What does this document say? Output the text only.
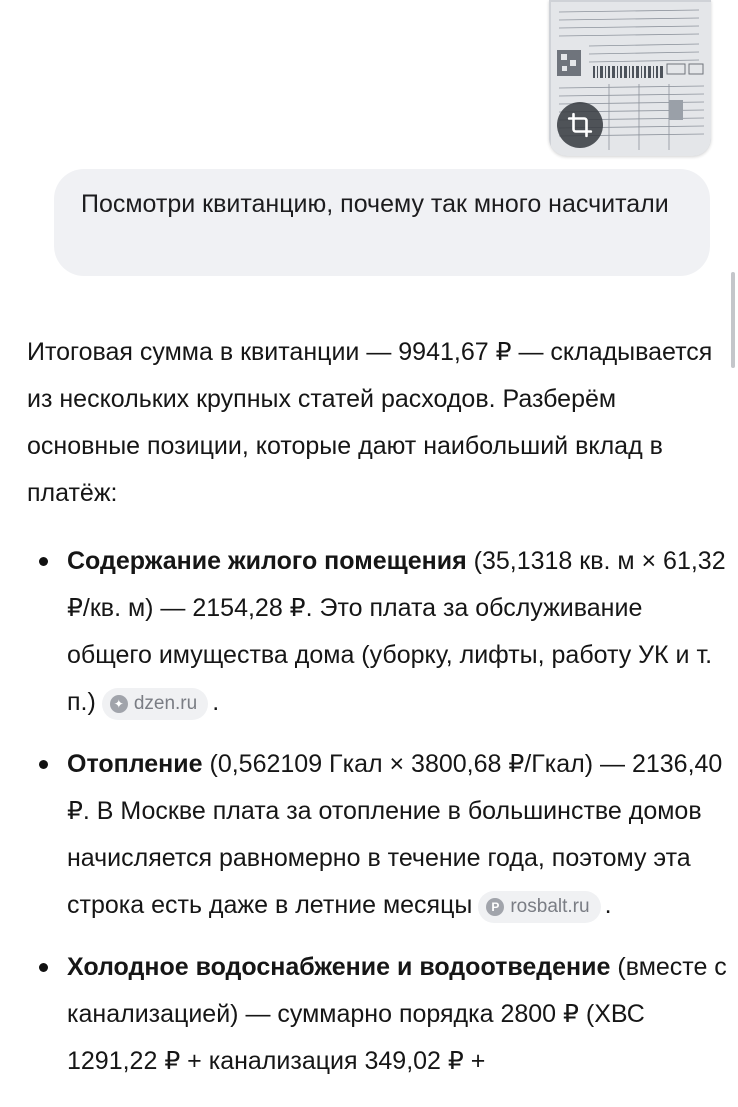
Посмотри квитанцию, почему так много насчитали

Итоговая сумма в квитанции — 9941,67 ₽ — складывается из нескольких крупных статей расходов. Разберём основные позиции, которые дают наибольший вклад в платёж:

Содержание жилого помещения (35,1318 кв. м × 61,32 ₽/кв. м) — 2154,28 ₽. Это плата за обслуживание общего имущества дома (уборку, лифты, работу УК и т. п.)	✦ dzen.ru .
Отопление (0,562109 Гкал × 3800,68 ₽/Гкал) — 2136,40 ₽. В Москве плата за отопление в большинстве домов начисляется равномерно в течение года, поэтому эта строка есть даже в летние месяцы	P rosbalt.ru .
Холодное водоснабжение и водоотведение (вместе с канализацией) — суммарно порядка 2800 ₽ (ХВС 1291,22 ₽ + канализация 349,02 ₽ +
